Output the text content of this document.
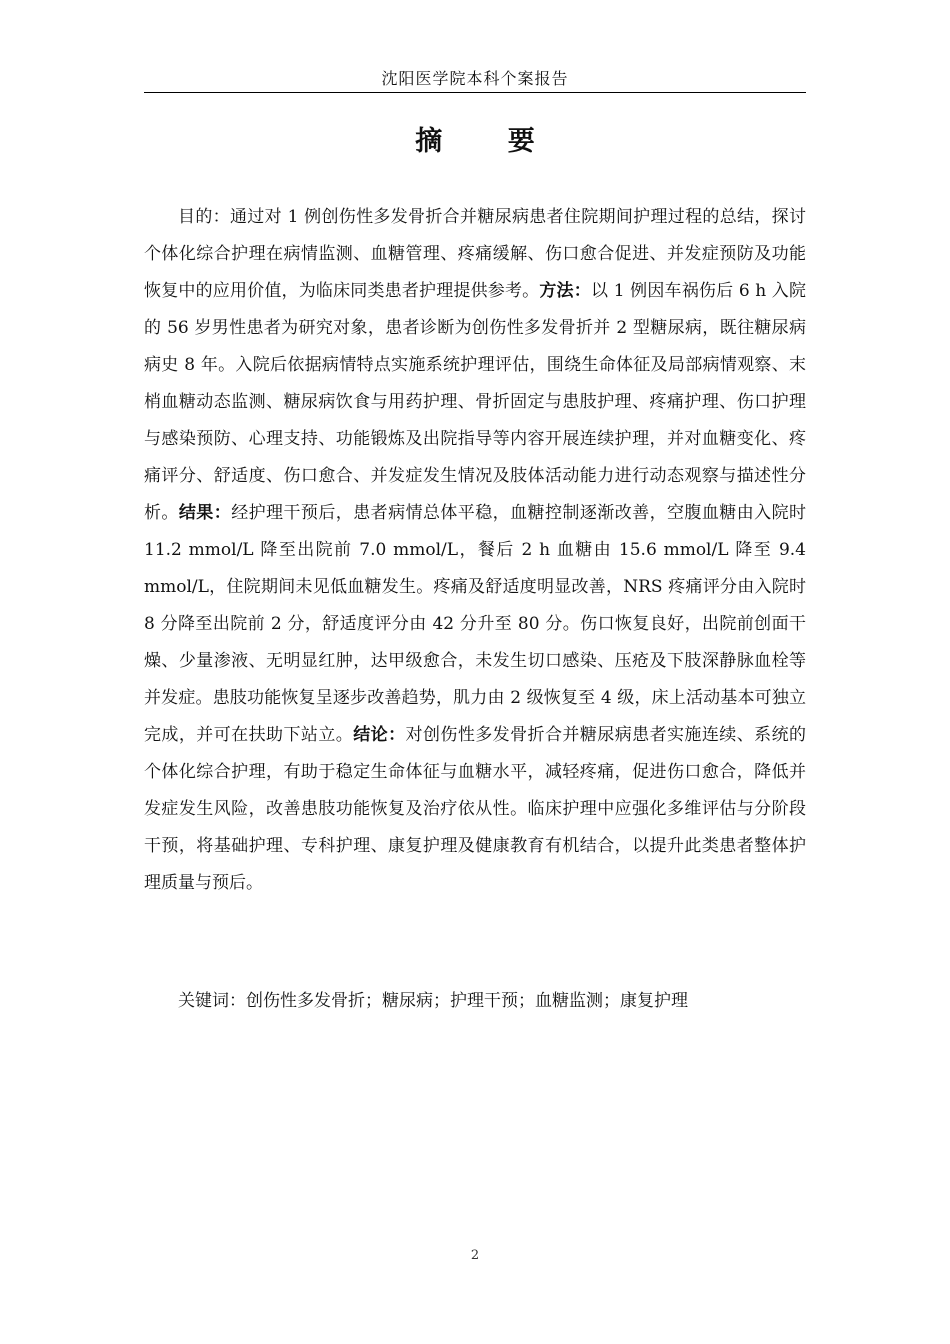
沈阳医学院本科个案报告
摘 要

目的：通过对 1 例创伤性多发骨折合并糖尿病患者住院期间护理过程的总结，探讨个体化综合护理在病情监测、血糖管理、疼痛缓解、伤口愈合促进、并发症预防及功能恢复中的应用价值，为临床同类患者护理提供参考。方法：以 1 例因车祸伤后 6 h 入院的 56 岁男性患者为研究对象，患者诊断为创伤性多发骨折并 2 型糖尿病，既往糖尿病病史 8 年。入院后依据病情特点实施系统护理评估，围绕生命体征及局部病情观察、末梢血糖动态监测、糖尿病饮食与用药护理、骨折固定与患肢护理、疼痛护理、伤口护理与感染预防、心理支持、功能锻炼及出院指导等内容开展连续护理，并对血糖变化、疼痛评分、舒适度、伤口愈合、并发症发生情况及肢体活动能力进行动态观察与描述性分析。结果：经护理干预后，患者病情总体平稳，血糖控制逐渐改善，空腹血糖由入院时 11.2 mmol/L 降至出院前 7.0 mmol/L，餐后 2 h 血糖由 15.6 mmol/L 降至 9.4 mmol/L，住院期间未见低血糖发生。疼痛及舒适度明显改善，NRS 疼痛评分由入院时 8 分降至出院前 2 分，舒适度评分由 42 分升至 80 分。伤口恢复良好，出院前创面干燥、少量渗液、无明显红肿，达甲级愈合，未发生切口感染、压疮及下肢深静脉血栓等并发症。患肢功能恢复呈逐步改善趋势，肌力由 2 级恢复至 4 级，床上活动基本可独立完成，并可在扶助下站立。结论：对创伤性多发骨折合并糖尿病患者实施连续、系统的个体化综合护理，有助于稳定生命体征与血糖水平，减轻疼痛，促进伤口愈合，降低并发症发生风险，改善患肢功能恢复及治疗依从性。临床护理中应强化多维评估与分阶段干预，将基础护理、专科护理、康复护理及健康教育有机结合，以提升此类患者整体护理质量与预后。

关键词：创伤性多发骨折；糖尿病；护理干预；血糖监测；康复护理

2
